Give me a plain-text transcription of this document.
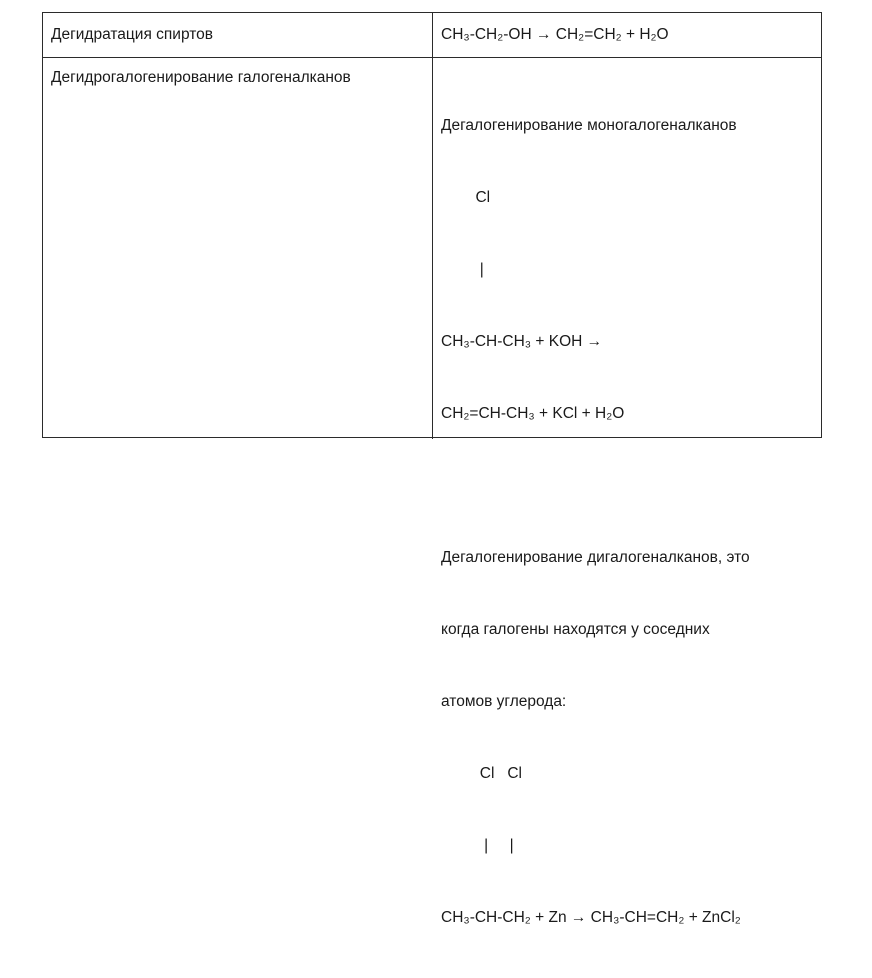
Дегидратация спиртов	CH₃-CH₂-OH → CH₂=CH₂ + H₂O
Дегидрогалогенирование галогеналканов

Дегалогенирование моногалогеналканов

Cl

|

CH₃-CH-CH₃ + KOH →

CH₂=CH-CH₃ + KCl + H₂O

Дегалогенирование дигалогеналканов, это

когда галогены находятся у соседних

атомов углерода:

Cl   Cl

|     |

CH₃-CH-CH₂ + Zn → CH₃-CH=CH₂ + ZnCl₂
